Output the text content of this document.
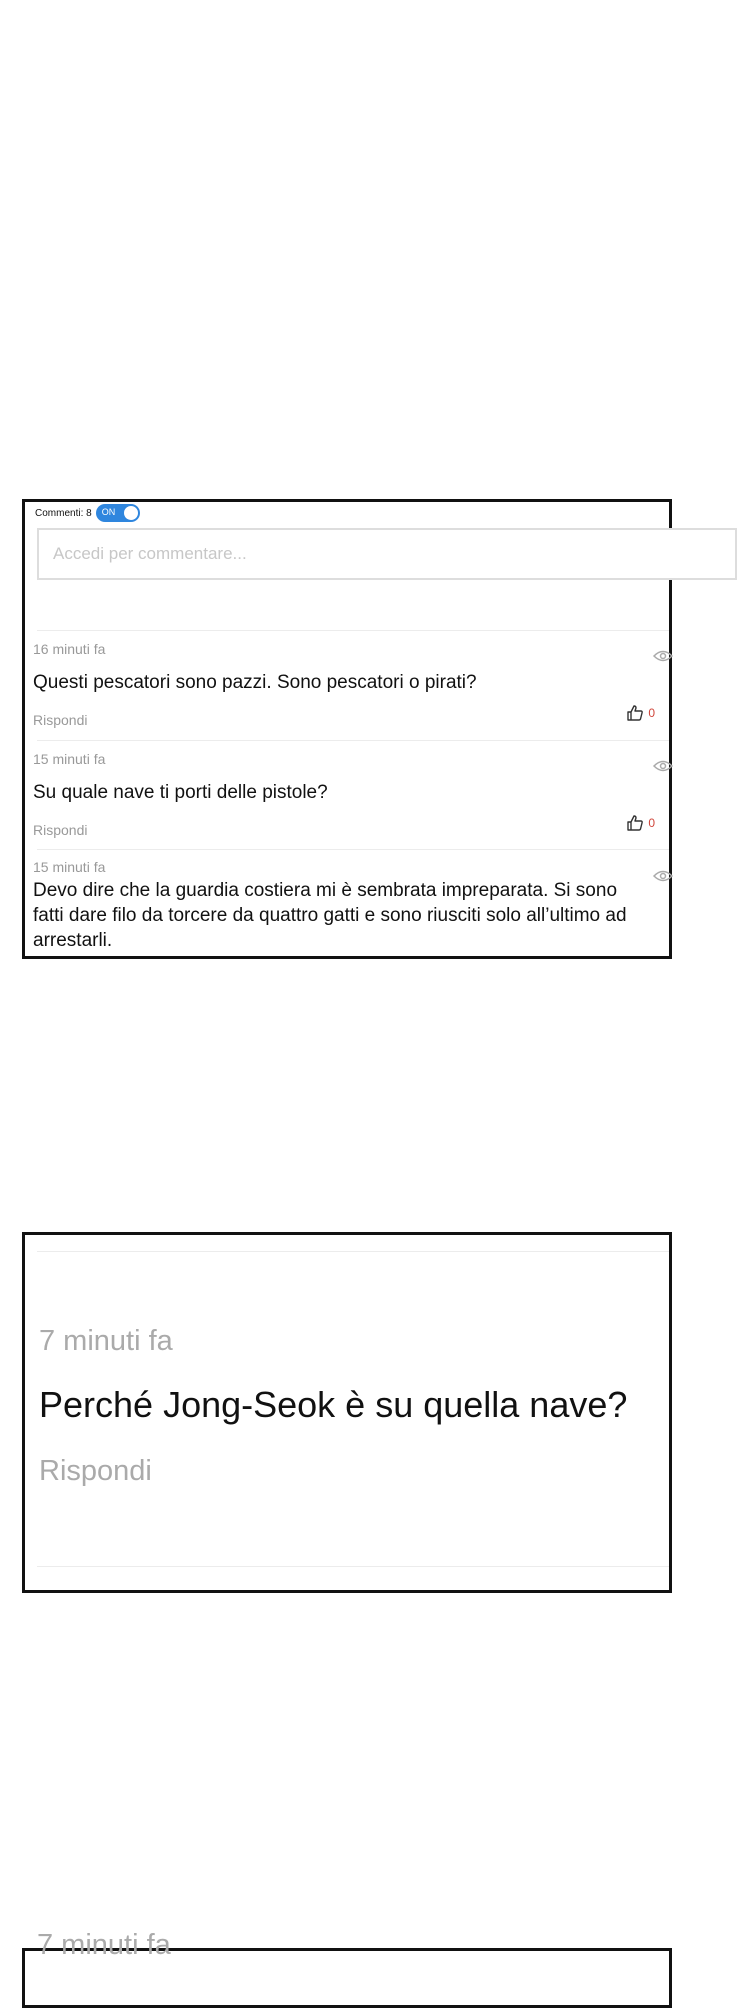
Commenti: 8 ON
Accedi per commentare...
16 minuti fa
Questi pescatori sono pazzi. Sono pescatori o pirati?
Rispondi	0
15 minuti fa
Su quale nave ti porti delle pistole?
Rispondi	0
15 minuti fa
Devo dire che la guardia costiera mi è sembrata impreparata. Si sono fatti dare filo da torcere da quattro gatti e sono riusciti solo all’ultimo ad arrestarli.
7 minuti fa
Perché Jong-Seok è su quella nave?
Rispondi
7 minuti fa
